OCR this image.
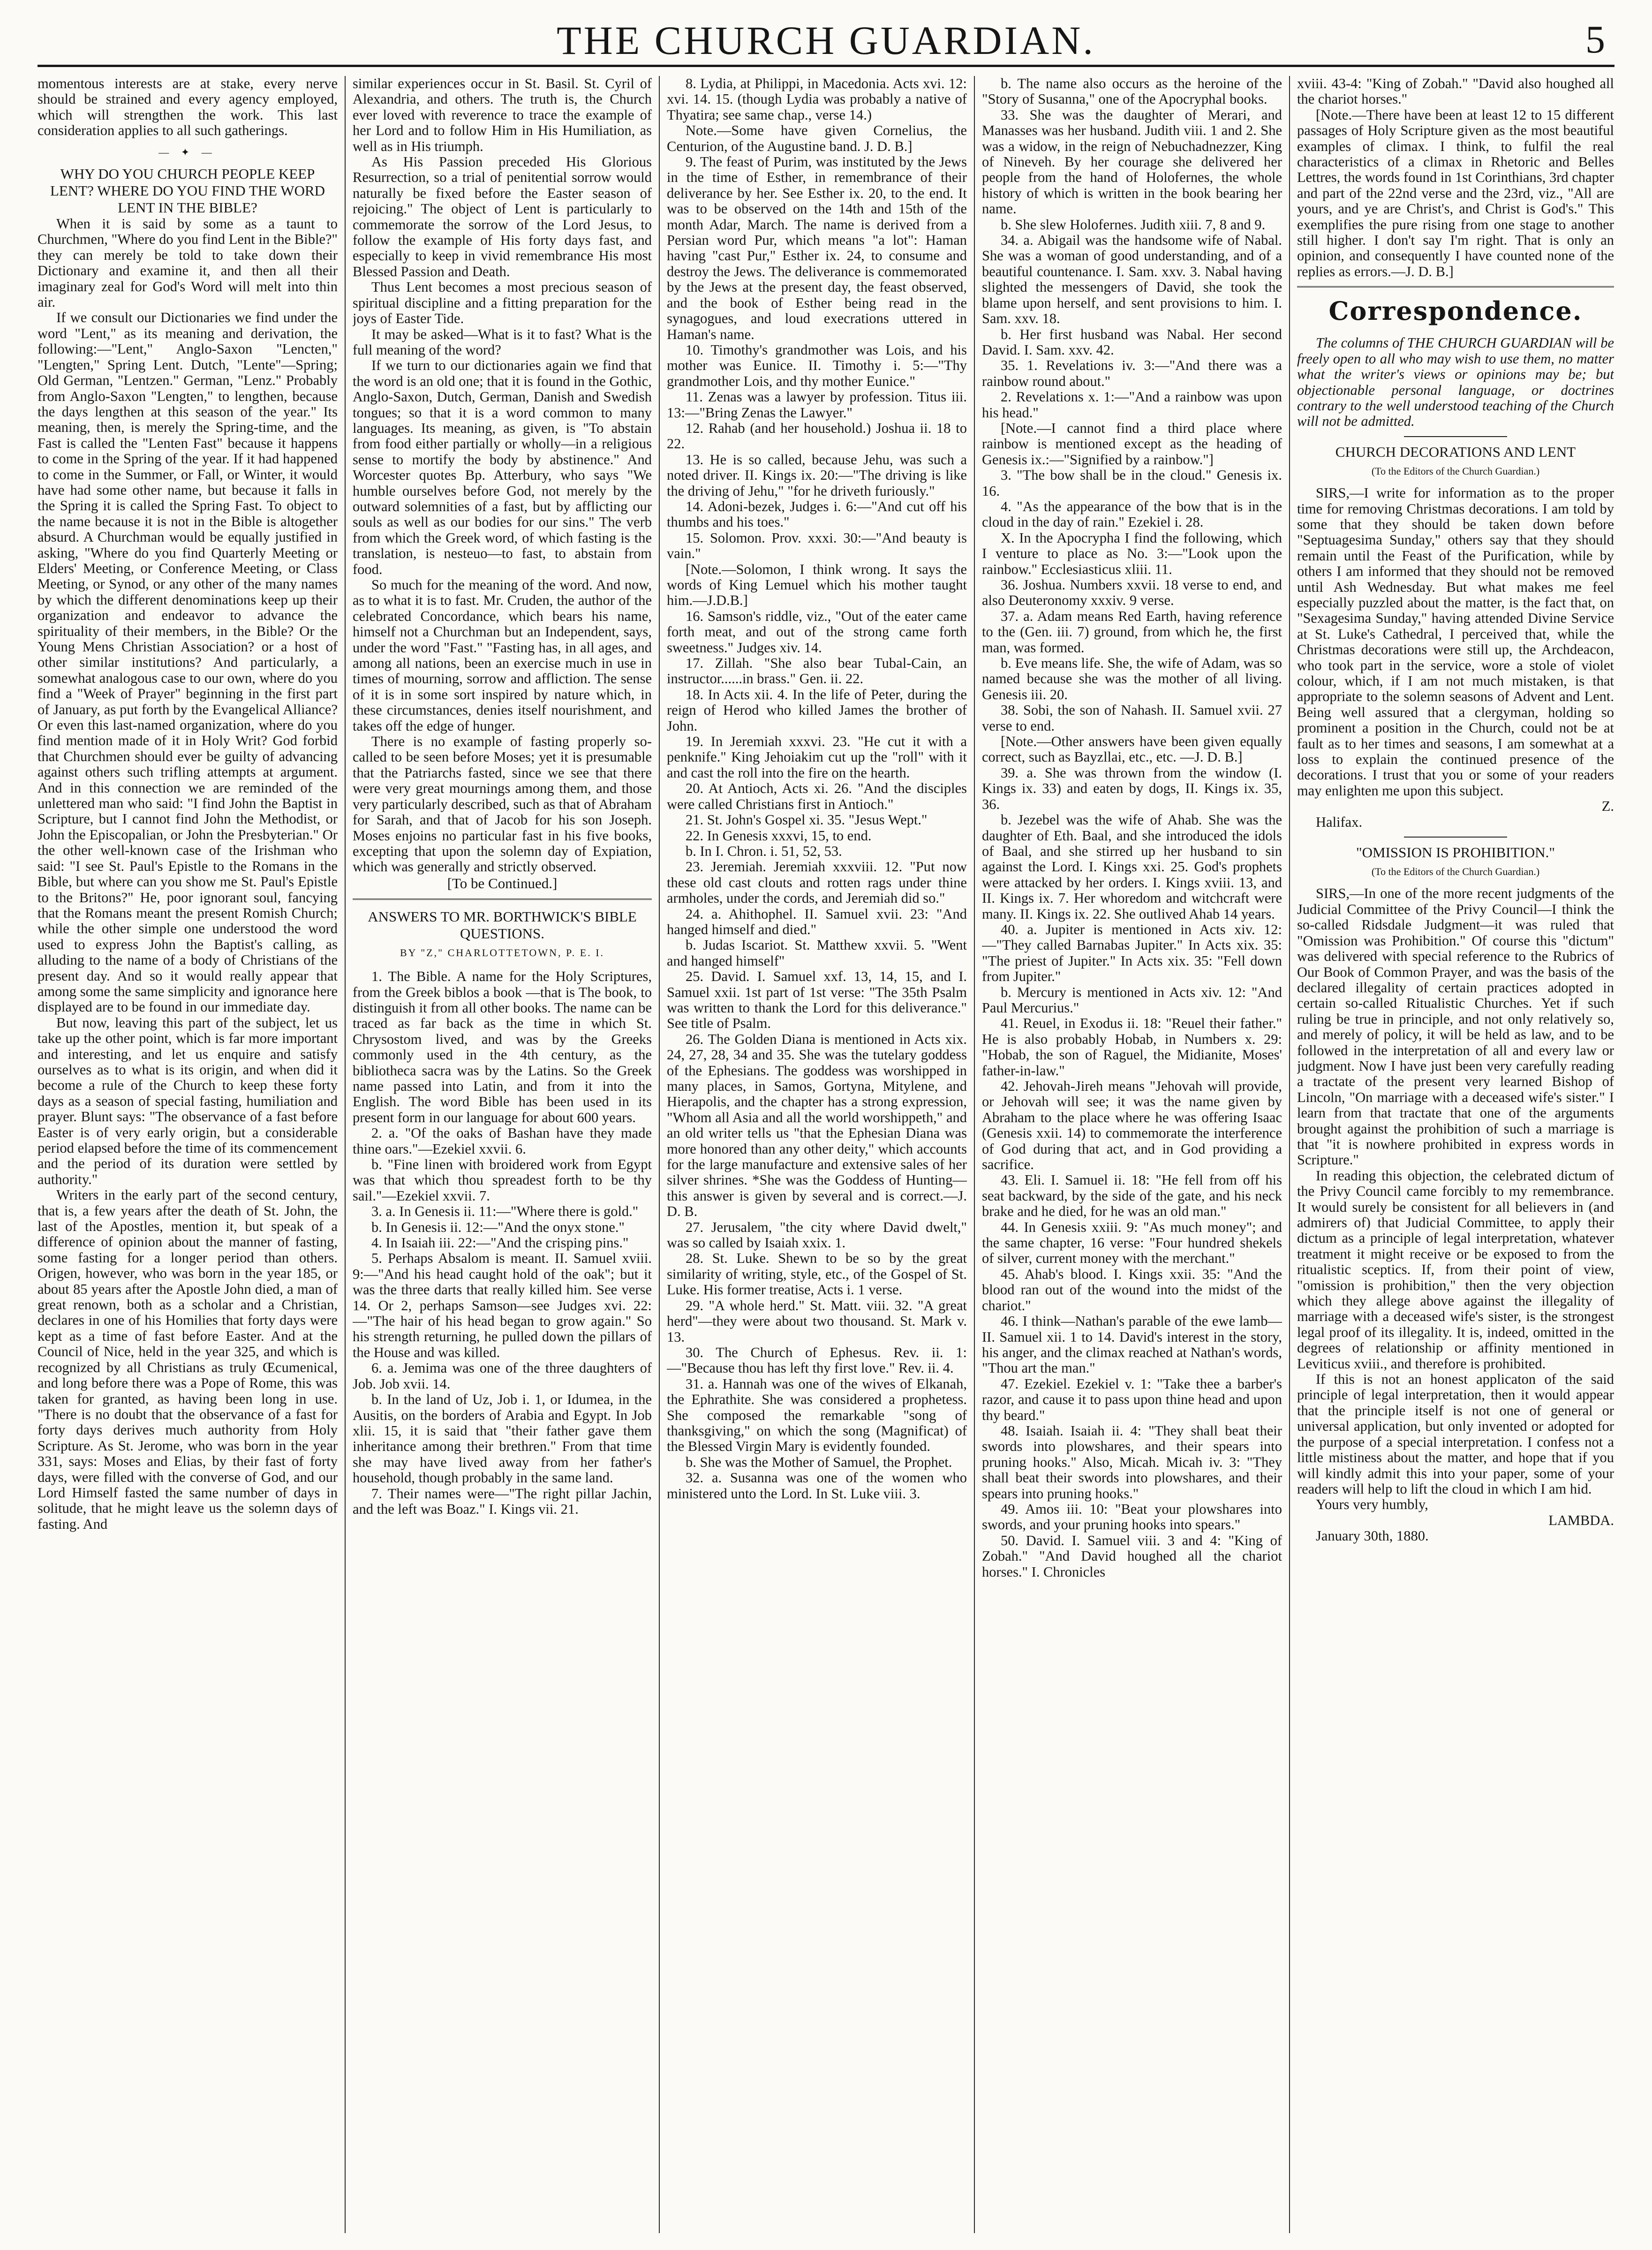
THE CHURCH GUARDIAN.	5

momentous interests are at stake, every nerve should be strained and every agency employed, which will strengthen the work. This last consideration applies to all such gatherings.

— ✦ —

WHY DO YOU CHURCH PEOPLE KEEP LENT? WHERE DO YOU FIND THE WORD LENT IN THE BIBLE?

When it is said by some as a taunt to Churchmen, "Where do you find Lent in the Bible?" they can merely be told to take down their Dictionary and examine it, and then all their imaginary zeal for God's Word will melt into thin air.

If we consult our Dictionaries we find under the word "Lent," as its meaning and derivation, the following:—"Lent," Anglo-Saxon "Lencten," "Lengten," Spring Lent. Dutch, "Lente"—Spring; Old German, "Lentzen." German, "Lenz." Probably from Anglo-Saxon "Lengten," to lengthen, because the days lengthen at this season of the year." Its meaning, then, is merely the Spring-time, and the Fast is called the "Lenten Fast" because it happens to come in the Spring of the year. If it had happened to come in the Summer, or Fall, or Winter, it would have had some other name, but because it falls in the Spring it is called the Spring Fast. To object to the name because it is not in the Bible is altogether absurd. A Churchman would be equally justified in asking, "Where do you find Quarterly Meeting or Elders' Meeting, or Conference Meeting, or Class Meeting, or Synod, or any other of the many names by which the different denominations keep up their organization and endeavor to advance the spirituality of their members, in the Bible? Or the Young Mens Christian Association? or a host of other similar institutions? And particularly, a somewhat analogous case to our own, where do you find a "Week of Prayer" beginning in the first part of January, as put forth by the Evangelical Alliance? Or even this last-named organization, where do you find mention made of it in Holy Writ? God forbid that Churchmen should ever be guilty of advancing against others such trifling attempts at argument. And in this connection we are reminded of the unlettered man who said: "I find John the Baptist in Scripture, but I cannot find John the Methodist, or John the Episcopalian, or John the Presbyterian." Or the other well-known case of the Irishman who said: "I see St. Paul's Epistle to the Romans in the Bible, but where can you show me St. Paul's Epistle to the Britons?" He, poor ignorant soul, fancying that the Romans meant the present Romish Church; while the other simple one understood the word used to express John the Baptist's calling, as alluding to the name of a body of Christians of the present day. And so it would really appear that among some the same simplicity and ignorance here displayed are to be found in our immediate day.

But now, leaving this part of the subject, let us take up the other point, which is far more important and interesting, and let us enquire and satisfy ourselves as to what is its origin, and when did it become a rule of the Church to keep these forty days as a season of special fasting, humiliation and prayer. Blunt says: "The observance of a fast before Easter is of very early origin, but a considerable period elapsed before the time of its commencement and the period of its duration were settled by authority."

Writers in the early part of the second century, that is, a few years after the death of St. John, the last of the Apostles, mention it, but speak of a difference of opinion about the manner of fasting, some fasting for a longer period than others. Origen, however, who was born in the year 185, or about 85 years after the Apostle John died, a man of great renown, both as a scholar and a Christian, declares in one of his Homilies that forty days were kept as a time of fast before Easter. And at the Council of Nice, held in the year 325, and which is recognized by all Christians as truly Œcumenical, and long before there was a Pope of Rome, this was taken for granted, as having been long in use. "There is no doubt that the observance of a fast for forty days derives much authority from Holy Scripture. As St. Jerome, who was born in the year 331, says: Moses and Elias, by their fast of forty days, were filled with the converse of God, and our Lord Himself fasted the same number of days in solitude, that he might leave us the solemn days of fasting. And

similar experiences occur in St. Basil. St. Cyril of Alexandria, and others. The truth is, the Church ever loved with reverence to trace the example of her Lord and to follow Him in His Humiliation, as well as in His triumph.

As His Passion preceded His Glorious Resurrection, so a trial of penitential sorrow would naturally be fixed before the Easter season of rejoicing." The object of Lent is particularly to commemorate the sorrow of the Lord Jesus, to follow the example of His forty days fast, and especially to keep in vivid remembrance His most Blessed Passion and Death.

Thus Lent becomes a most precious season of spiritual discipline and a fitting preparation for the joys of Easter Tide.

It may be asked—What is it to fast? What is the full meaning of the word?

If we turn to our dictionaries again we find that the word is an old one; that it is found in the Gothic, Anglo-Saxon, Dutch, German, Danish and Swedish tongues; so that it is a word common to many languages. Its meaning, as given, is "To abstain from food either partially or wholly—in a religious sense to mortify the body by abstinence." And Worcester quotes Bp. Atterbury, who says "We humble ourselves before God, not merely by the outward solemnities of a fast, but by afflicting our souls as well as our bodies for our sins." The verb from which the Greek word, of which fasting is the translation, is nesteuo—to fast, to abstain from food.

So much for the meaning of the word. And now, as to what it is to fast. Mr. Cruden, the author of the celebrated Concordance, which bears his name, himself not a Churchman but an Independent, says, under the word "Fast." "Fasting has, in all ages, and among all nations, been an exercise much in use in times of mourning, sorrow and affliction. The sense of it is in some sort inspired by nature which, in these circumstances, denies itself nourishment, and takes off the edge of hunger.

There is no example of fasting properly so-called to be seen before Moses; yet it is presumable that the Patriarchs fasted, since we see that there were very great mournings among them, and those very particularly described, such as that of Abraham for Sarah, and that of Jacob for his son Joseph. Moses enjoins no particular fast in his five books, excepting that upon the solemn day of Expiation, which was generally and strictly observed.

[To be Continued.]

ANSWERS TO MR. BORTHWICK'S BIBLE QUESTIONS.

BY "Z," CHARLOTTETOWN, P. E. I.

1. The Bible. A name for the Holy Scriptures, from the Greek biblos a book —that is The book, to distinguish it from all other books. The name can be traced as far back as the time in which St. Chrysostom lived, and was by the Greeks commonly used in the 4th century, as the bibliotheca sacra was by the Latins. So the Greek name passed into Latin, and from it into the English. The word Bible has been used in its present form in our language for about 600 years.

2. a. "Of the oaks of Bashan have they made thine oars."—Ezekiel xxvii. 6.

b. "Fine linen with broidered work from Egypt was that which thou spreadest forth to be thy sail."—Ezekiel xxvii. 7.

3. a. In Genesis ii. 11:—"Where there is gold."

b. In Genesis ii. 12:—"And the onyx stone."

4. In Isaiah iii. 22:—"And the crisping pins."

5. Perhaps Absalom is meant. II. Samuel xviii. 9:—"And his head caught hold of the oak"; but it was the three darts that really killed him. See verse 14. Or 2, perhaps Samson—see Judges xvi. 22:—"The hair of his head began to grow again." So his strength returning, he pulled down the pillars of the House and was killed.

6. a. Jemima was one of the three daughters of Job. Job xvii. 14.

b. In the land of Uz, Job i. 1, or Idumea, in the Ausitis, on the borders of Arabia and Egypt. In Job xlii. 15, it is said that "their father gave them inheritance among their brethren." From that time she may have lived away from her father's household, though probably in the same land.

7. Their names were—"The right pillar Jachin, and the left was Boaz." I. Kings vii. 21.

8. Lydia, at Philippi, in Macedonia. Acts xvi. 12: xvi. 14. 15. (though Lydia was probably a native of Thyatira; see same chap., verse 14.)

Note.—Some have given Cornelius, the Centurion, of the Augustine band. J. D. B.]

9. The feast of Purim, was instituted by the Jews in the time of Esther, in remembrance of their deliverance by her. See Esther ix. 20, to the end. It was to be observed on the 14th and 15th of the month Adar, March. The name is derived from a Persian word Pur, which means "a lot": Haman having "cast Pur," Esther ix. 24, to consume and destroy the Jews. The deliverance is commemorated by the Jews at the present day, the feast observed, and the book of Esther being read in the synagogues, and loud execrations uttered in Haman's name.

10. Timothy's grandmother was Lois, and his mother was Eunice. II. Timothy i. 5:—"Thy grandmother Lois, and thy mother Eunice."

11. Zenas was a lawyer by profession. Titus iii. 13:—"Bring Zenas the Lawyer."

12. Rahab (and her household.) Joshua ii. 18 to 22.

13. He is so called, because Jehu, was such a noted driver. II. Kings ix. 20:—"The driving is like the driving of Jehu," "for he driveth furiously."

14. Adoni-bezek, Judges i. 6:—"And cut off his thumbs and his toes."

15. Solomon. Prov. xxxi. 30:—"And beauty is vain."

[Note.—Solomon, I think wrong. It says the words of King Lemuel which his mother taught him.—J.D.B.]

16. Samson's riddle, viz., "Out of the eater came forth meat, and out of the strong came forth sweetness." Judges xiv. 14.

17. Zillah. "She also bear Tubal-Cain, an instructor......in brass." Gen. ii. 22.

18. In Acts xii. 4. In the life of Peter, during the reign of Herod who killed James the brother of John.

19. In Jeremiah xxxvi. 23. "He cut it with a penknife." King Jehoiakim cut up the "roll" with it and cast the roll into the fire on the hearth.

20. At Antioch, Acts xi. 26. "And the disciples were called Christians first in Antioch."

21. St. John's Gospel xi. 35. "Jesus Wept."

22. In Genesis xxxvi, 15, to end.

b. In I. Chron. i. 51, 52, 53.

23. Jeremiah. Jeremiah xxxviii. 12. "Put now these old cast clouts and rotten rags under thine armholes, under the cords, and Jeremiah did so."

24. a. Ahithophel. II. Samuel xvii. 23: "And hanged himself and died."

b. Judas Iscariot. St. Matthew xxvii. 5. "Went and hanged himself"

25. David. I. Samuel xxf. 13, 14, 15, and I. Samuel xxii. 1st part of 1st verse: "The 35th Psalm was written to thank the Lord for this deliverance." See title of Psalm.

26. The Golden Diana is mentioned in Acts xix. 24, 27, 28, 34 and 35. She was the tutelary goddess of the Ephesians. The goddess was worshipped in many places, in Samos, Gortyna, Mitylene, and Hierapolis, and the chapter has a strong expression, "Whom all Asia and all the world worshippeth," and an old writer tells us "that the Ephesian Diana was more honored than any other deity," which accounts for the large manufacture and extensive sales of her silver shrines. *She was the Goddess of Hunting—this answer is given by several and is correct.—J. D. B.

27. Jerusalem, "the city where David dwelt," was so called by Isaiah xxix. 1.

28. St. Luke. Shewn to be so by the great similarity of writing, style, etc., of the Gospel of St. Luke. His former treatise, Acts i. 1 verse.

29. "A whole herd." St. Matt. viii. 32. "A great herd"—they were about two thousand. St. Mark v. 13.

30. The Church of Ephesus. Rev. ii. 1:—"Because thou has left thy first love." Rev. ii. 4.

31. a. Hannah was one of the wives of Elkanah, the Ephrathite. She was considered a prophetess. She composed the remarkable "song of thanksgiving," on which the song (Magnificat) of the Blessed Virgin Mary is evidently founded.

b. She was the Mother of Samuel, the Prophet.

32. a. Susanna was one of the women who ministered unto the Lord. In St. Luke viii. 3.

b. The name also occurs as the heroine of the "Story of Susanna," one of the Apocryphal books.

33. She was the daughter of Merari, and Manasses was her husband. Judith viii. 1 and 2. She was a widow, in the reign of Nebuchadnezzer, King of Nineveh. By her courage she delivered her people from the hand of Holofernes, the whole history of which is written in the book bearing her name.

b. She slew Holofernes. Judith xiii. 7, 8 and 9.

34. a. Abigail was the handsome wife of Nabal. She was a woman of good understanding, and of a beautiful countenance. I. Sam. xxv. 3. Nabal having slighted the messengers of David, she took the blame upon herself, and sent provisions to him. I. Sam. xxv. 18.

b. Her first husband was Nabal. Her second David. I. Sam. xxv. 42.

35. 1. Revelations iv. 3:—"And there was a rainbow round about."

2. Revelations x. 1:—"And a rainbow was upon his head."

[Note.—I cannot find a third place where rainbow is mentioned except as the heading of Genesis ix.:—"Signified by a rainbow."]

3. "The bow shall be in the cloud." Genesis ix. 16.

4. "As the appearance of the bow that is in the cloud in the day of rain." Ezekiel i. 28.

X. In the Apocrypha I find the following, which I venture to place as No. 3:—"Look upon the rainbow." Ecclesiasticus xliii. 11.

36. Joshua. Numbers xxvii. 18 verse to end, and also Deuteronomy xxxiv. 9 verse.

37. a. Adam means Red Earth, having reference to the (Gen. iii. 7) ground, from which he, the first man, was formed.

b. Eve means life. She, the wife of Adam, was so named because she was the mother of all living. Genesis iii. 20.

38. Sobi, the son of Nahash. II. Samuel xvii. 27 verse to end.

[Note.—Other answers have been given equally correct, such as Bayzllai, etc., etc. —J. D. B.]

39. a. She was thrown from the window (I. Kings ix. 33) and eaten by dogs, II. Kings ix. 35, 36.

b. Jezebel was the wife of Ahab. She was the daughter of Eth. Baal, and she introduced the idols of Baal, and she stirred up her husband to sin against the Lord. I. Kings xxi. 25. God's prophets were attacked by her orders. I. Kings xviii. 13, and II. Kings ix. 7. Her whoredom and witchcraft were many. II. Kings ix. 22. She outlived Ahab 14 years.

40. a. Jupiter is mentioned in Acts xiv. 12:—"They called Barnabas Jupiter." In Acts xix. 35: "The priest of Jupiter." In Acts xix. 35: "Fell down from Jupiter."

b. Mercury is mentioned in Acts xiv. 12: "And Paul Mercurius."

41. Reuel, in Exodus ii. 18: "Reuel their father." He is also probably Hobab, in Numbers x. 29: "Hobab, the son of Raguel, the Midianite, Moses' father-in-law."

42. Jehovah-Jireh means "Jehovah will provide, or Jehovah will see; it was the name given by Abraham to the place where he was offering Isaac (Genesis xxii. 14) to commemorate the interference of God during that act, and in God providing a sacrifice.

43. Eli. I. Samuel ii. 18: "He fell from off his seat backward, by the side of the gate, and his neck brake and he died, for he was an old man."

44. In Genesis xxiii. 9: "As much money"; and the same chapter, 16 verse: "Four hundred shekels of silver, current money with the merchant."

45. Ahab's blood. I. Kings xxii. 35: "And the blood ran out of the wound into the midst of the chariot."

46. I think—Nathan's parable of the ewe lamb—II. Samuel xii. 1 to 14. David's interest in the story, his anger, and the climax reached at Nathan's words, "Thou art the man."

47. Ezekiel. Ezekiel v. 1: "Take thee a barber's razor, and cause it to pass upon thine head and upon thy beard."

48. Isaiah. Isaiah ii. 4: "They shall beat their swords into plowshares, and their spears into pruning hooks." Also, Micah. Micah iv. 3: "They shall beat their swords into plowshares, and their spears into pruning hooks."

49. Amos iii. 10: "Beat your plowshares into swords, and your pruning hooks into spears."

50. David. I. Samuel viii. 3 and 4: "King of Zobah." "And David houghed all the chariot horses." I. Chronicles

xviii. 43-4: "King of Zobah." "David also houghed all the chariot horses."

[Note.—There have been at least 12 to 15 different passages of Holy Scripture given as the most beautiful examples of climax. I think, to fulfil the real characteristics of a climax in Rhetoric and Belles Lettres, the words found in 1st Corinthians, 3rd chapter and part of the 22nd verse and the 23rd, viz., "All are yours, and ye are Christ's, and Christ is God's." This exemplifies the pure rising from one stage to another still higher. I don't say I'm right. That is only an opinion, and consequently I have counted none of the replies as errors.—J. D. B.]

Correspondence.

The columns of THE CHURCH GUARDIAN will be freely open to all who may wish to use them, no matter what the writer's views or opinions may be; but objectionable personal language, or doctrines contrary to the well understood teaching of the Church will not be admitted.

CHURCH DECORATIONS AND LENT

(To the Editors of the Church Guardian.)

SIRS,—I write for information as to the proper time for removing Christmas decorations. I am told by some that they should be taken down before "Septuagesima Sunday," others say that they should remain until the Feast of the Purification, while by others I am informed that they should not be removed until Ash Wednesday. But what makes me feel especially puzzled about the matter, is the fact that, on "Sexagesima Sunday," having attended Divine Service at St. Luke's Cathedral, I perceived that, while the Christmas decorations were still up, the Archdeacon, who took part in the service, wore a stole of violet colour, which, if I am not much mistaken, is that appropriate to the solemn seasons of Advent and Lent. Being well assured that a clergyman, holding so prominent a position in the Church, could not be at fault as to her times and seasons, I am somewhat at a loss to explain the continued presence of the decorations. I trust that you or some of your readers may enlighten me upon this subject.

Z.

Halifax.

"OMISSION IS PROHIBITION."

(To the Editors of the Church Guardian.)

SIRS,—In one of the more recent judgments of the Judicial Committee of the Privy Council—I think the so-called Ridsdale Judgment—it was ruled that "Omission was Prohibition." Of course this "dictum" was delivered with special reference to the Rubrics of Our Book of Common Prayer, and was the basis of the declared illegality of certain practices adopted in certain so-called Ritualistic Churches. Yet if such ruling be true in principle, and not only relatively so, and merely of policy, it will be held as law, and to be followed in the interpretation of all and every law or judgment. Now I have just been very carefully reading a tractate of the present very learned Bishop of Lincoln, "On marriage with a deceased wife's sister." I learn from that tractate that one of the arguments brought against the prohibition of such a marriage is that "it is nowhere prohibited in express words in Scripture."

In reading this objection, the celebrated dictum of the Privy Council came forcibly to my remembrance. It would surely be consistent for all believers in (and admirers of) that Judicial Committee, to apply their dictum as a principle of legal interpretation, whatever treatment it might receive or be exposed to from the ritualistic sceptics. If, from their point of view, "omission is prohibition," then the very objection which they allege above against the illegality of marriage with a deceased wife's sister, is the strongest legal proof of its illegality. It is, indeed, omitted in the degrees of relationship or affinity mentioned in Leviticus xviii., and therefore is prohibited.

If this is not an honest applicaton of the said principle of legal interpretation, then it would appear that the principle itself is not one of general or universal application, but only invented or adopted for the purpose of a special interpretation. I confess not a little mistiness about the matter, and hope that if you will kindly admit this into your paper, some of your readers will help to lift the cloud in which I am hid.

Yours very humbly,

LAMBDA.

January 30th, 1880.
